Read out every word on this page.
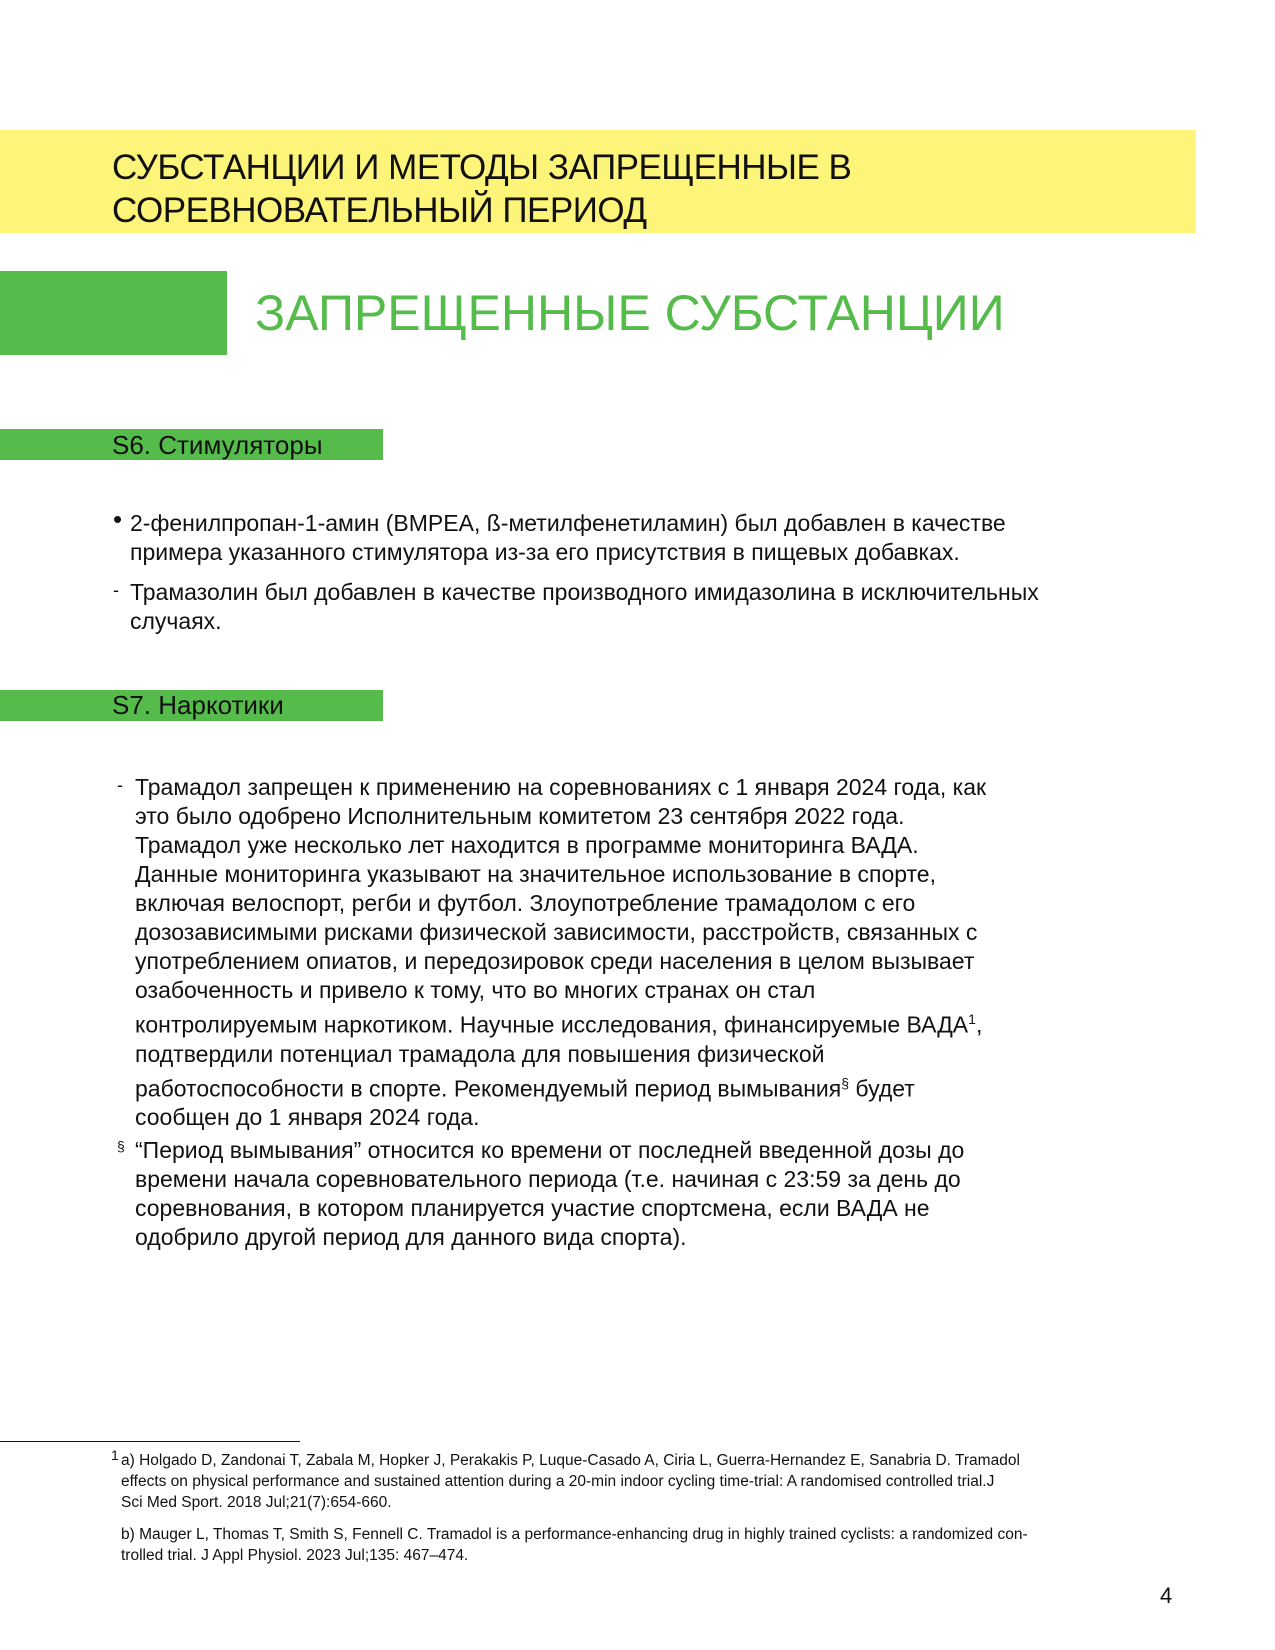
СУБСТАНЦИИ И МЕТОДЫ ЗАПРЕЩЕННЫЕ В
СОРЕВНОВАТЕЛЬНЫЙ ПЕРИОД
ЗАПРЕЩЕННЫЕ СУБСТАНЦИИ
S6. Стимуляторы
• 2-фенилпропан-1-амин (BMPEA, ß-метилфенетиламин) был добавлен в качестве
примера указанного стимулятора из-за его присутствия в пищевых добавках.
- Трамазолин был добавлен в качестве производного имидазолина в исключительных
случаях.
S7. Наркотики
- Трамадол запрещен к применению на соревнованиях с 1 января 2024 года, как
это было одобрено Исполнительным комитетом 23 сентября 2022 года.
Трамадол уже несколько лет находится в программе мониторинга ВАДА.
Данные мониторинга указывают на значительное использование в спорте,
включая велоспорт, регби и футбол. Злоупотребление трамадолом с его
дозозависимыми рисками физической зависимости, расстройств, связанных с
употреблением опиатов, и передозировок среди населения в целом вызывает
озабоченность и привело к тому, что во многих странах он стал
контролируемым наркотиком. Научные исследования, финансируемые ВАДА$^1$,
подтвердили потенциал трамадола для повышения физической
работоспособности в спорте. Рекомендуемый период вымывания§ будет
сообщен до 1 января 2024 года.
§ “Период вымывания” относится ко времени от последней введенной дозы до
времени начала соревновательного периода (т.е. начиная с 23:59 за день до
соревнования, в котором планируется участие спортсмена, если ВАДА не
одобрило другой период для данного вида спорта).
1 a) Holgado D, Zandonai T, Zabala M, Hopker J, Perakakis P, Luque-Casado A, Ciria L, Guerra-Hernandez E, Sanabria D. Tramadol
effects on physical performance and sustained attention during a 20-min indoor cycling time-trial: A randomised controlled trial.J
Sci Med Sport. 2018 Jul;21(7):654-660.
b) Mauger L, Thomas T, Smith S, Fennell C. Tramadol is a performance-enhancing drug in highly trained cyclists: a randomized con-
trolled trial. J Appl Physiol. 2023 Jul;135: 467–474.
4
